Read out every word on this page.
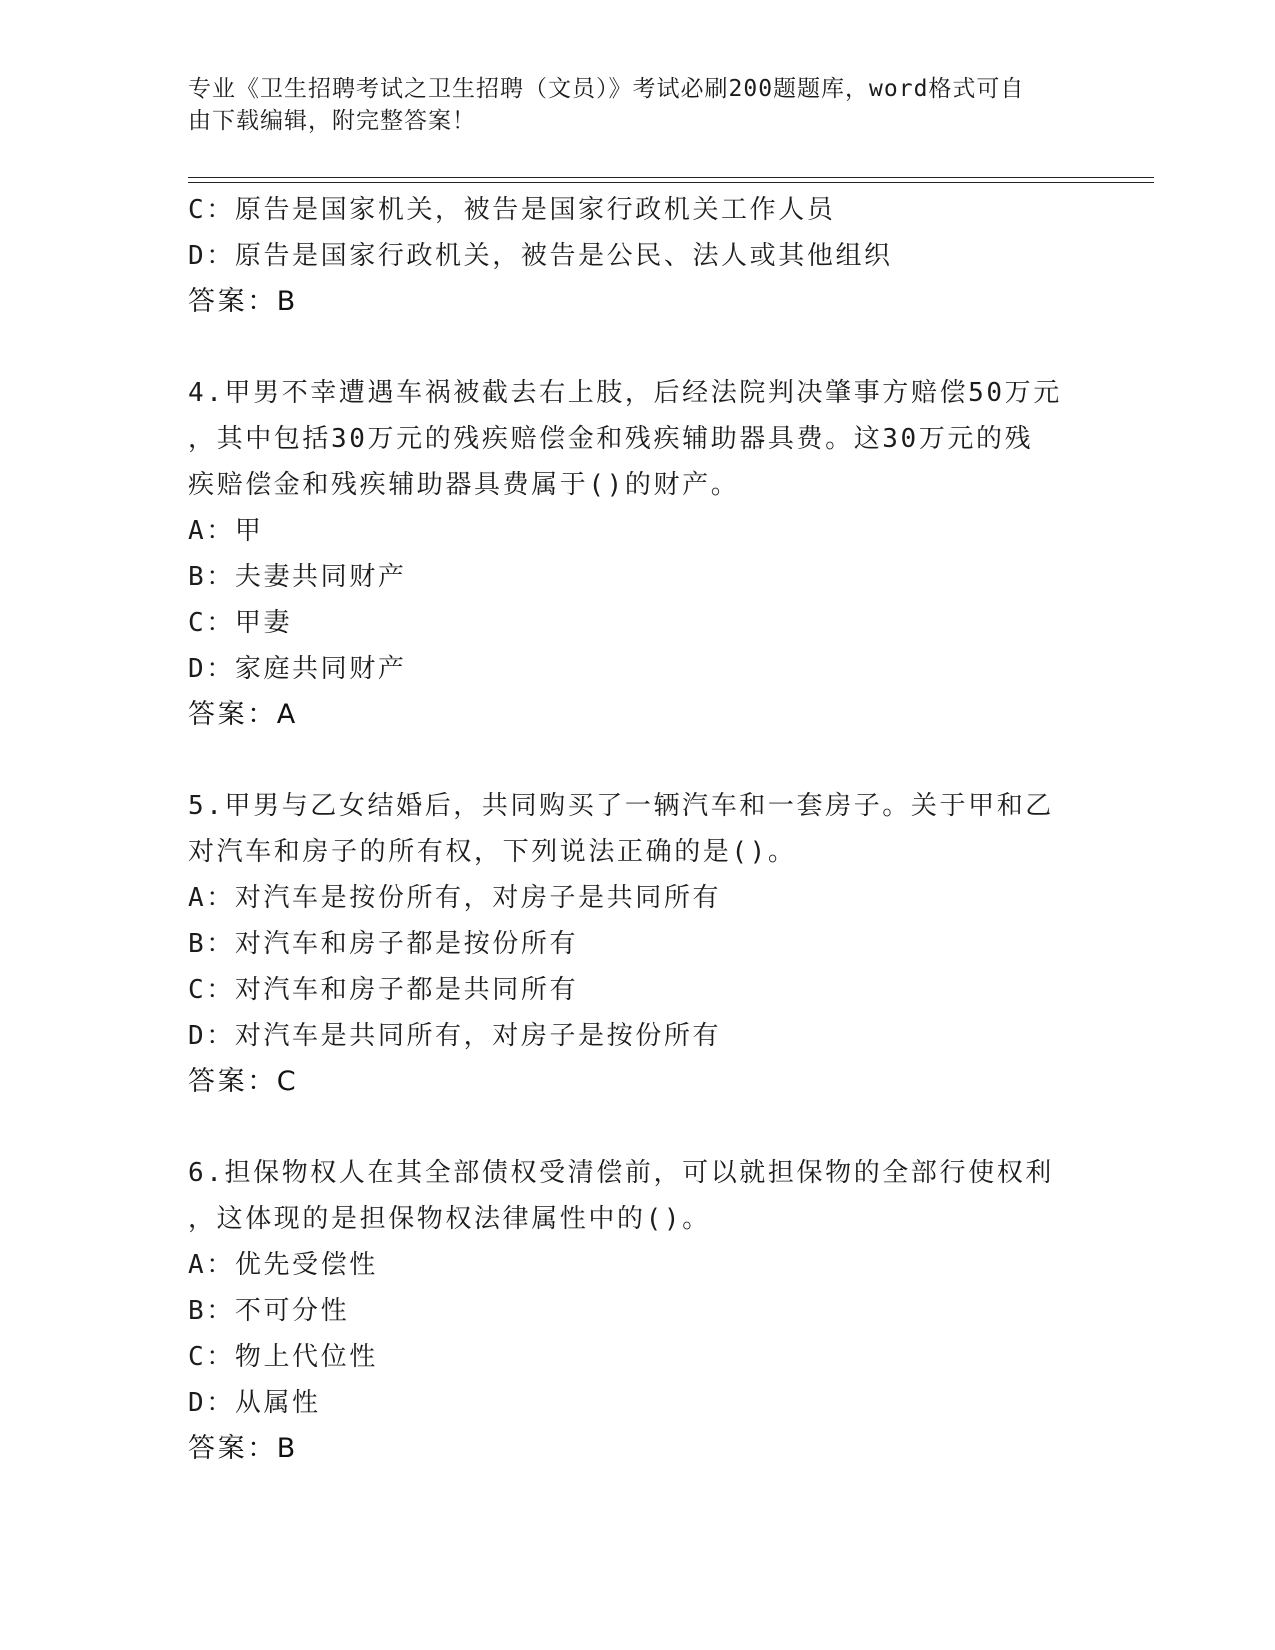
专业《卫生招聘考试之卫生招聘（文员）》考试必刷200题题库，word格式可自
由下载编辑，附完整答案！
C：原告是国家机关，被告是国家行政机关工作人员
D：原告是国家行政机关，被告是公民、法人或其他组织
答案：B
4.甲男不幸遭遇车祸被截去右上肢，后经法院判决肇事方赔偿50万元
，其中包括30万元的残疾赔偿金和残疾辅助器具费。这30万元的残
疾赔偿金和残疾辅助器具费属于()的财产。
A：甲
B：夫妻共同财产
C：甲妻
D：家庭共同财产
答案：A
5.甲男与乙女结婚后，共同购买了一辆汽车和一套房子。关于甲和乙
对汽车和房子的所有权，下列说法正确的是()。
A：对汽车是按份所有，对房子是共同所有
B：对汽车和房子都是按份所有
C：对汽车和房子都是共同所有
D：对汽车是共同所有，对房子是按份所有
答案：C
6.担保物权人在其全部债权受清偿前，可以就担保物的全部行使权利
，这体现的是担保物权法律属性中的()。
A：优先受偿性
B：不可分性
C：物上代位性
D：从属性
答案：B
